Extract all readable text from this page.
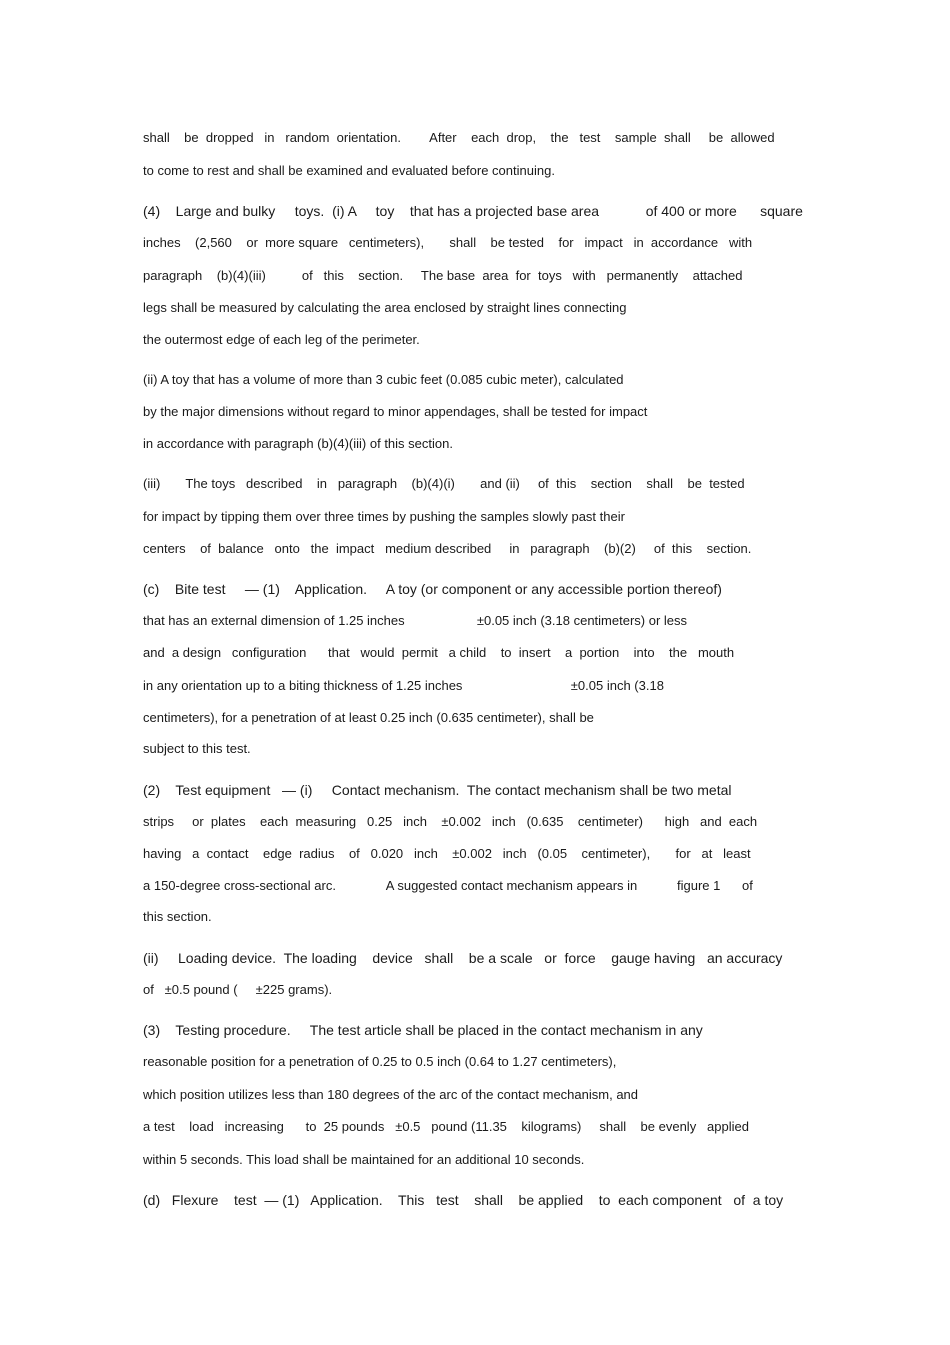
shall    be  dropped   in   random  orientation.        After    each  drop,    the   test    sample  shall     be  allowed
to come to rest and shall be examined and evaluated before continuing.
(4)    Large and bulky     toys.  (i) A     toy    that has a projected base area            of 400 or more      square
inches    (2,560    or  more square   centimeters),       shall    be tested    for   impact   in  accordance   with
paragraph    (b)(4)(iii)          of   this    section.     The base  area  for  toys   with   permanently    attached
legs shall be measured by calculating the area enclosed by straight lines connecting
the outermost edge of each leg of the perimeter.
(ii) A toy that has a volume of more than 3 cubic feet (0.085 cubic meter), calculated
by the major dimensions without regard to minor appendages, shall be tested for impact
in accordance with paragraph (b)(4)(iii) of this section.
(iii)       The toys   described    in   paragraph    (b)(4)(i)       and (ii)     of  this    section    shall    be  tested
for impact by tipping them over three times by pushing the samples slowly past their
centers    of  balance   onto   the  impact   medium described     in   paragraph    (b)(2)     of  this    section.
(c)    Bite test     — (1)    Application.     A toy (or component or any accessible portion thereof)
that has an external dimension of 1.25 inches                    ±0.05 inch (3.18 centimeters) or less
and  a design   configuration      that   would  permit   a child    to  insert    a  portion    into    the   mouth
in any orientation up to a biting thickness of 1.25 inches                              ±0.05 inch (3.18
centimeters), for a penetration of at least 0.25 inch (0.635 centimeter), shall be
subject to this test.
(2)    Test equipment   — (i)     Contact mechanism.  The contact mechanism shall be two metal
strips     or  plates    each  measuring   0.25   inch    ±0.002   inch   (0.635    centimeter)      high   and  each
having   a  contact    edge  radius    of   0.020   inch    ±0.002   inch   (0.05    centimeter),       for   at   least
a 150-degree cross-sectional arc.              A suggested contact mechanism appears in           figure 1      of
this section.
(ii)     Loading device.  The loading    device   shall    be a scale   or  force    gauge having   an accuracy
of   ±0.5 pound (     ±225 grams).
(3)    Testing procedure.     The test article shall be placed in the contact mechanism in any
reasonable position for a penetration of 0.25 to 0.5 inch (0.64 to 1.27 centimeters),
which position utilizes less than 180 degrees of the arc of the contact mechanism, and
a test    load   increasing      to  25 pounds   ±0.5   pound (11.35    kilograms)     shall    be evenly   applied
within 5 seconds. This load shall be maintained for an additional 10 seconds.
(d)   Flexure    test  — (1)   Application.    This   test    shall    be applied    to  each component   of  a toy
